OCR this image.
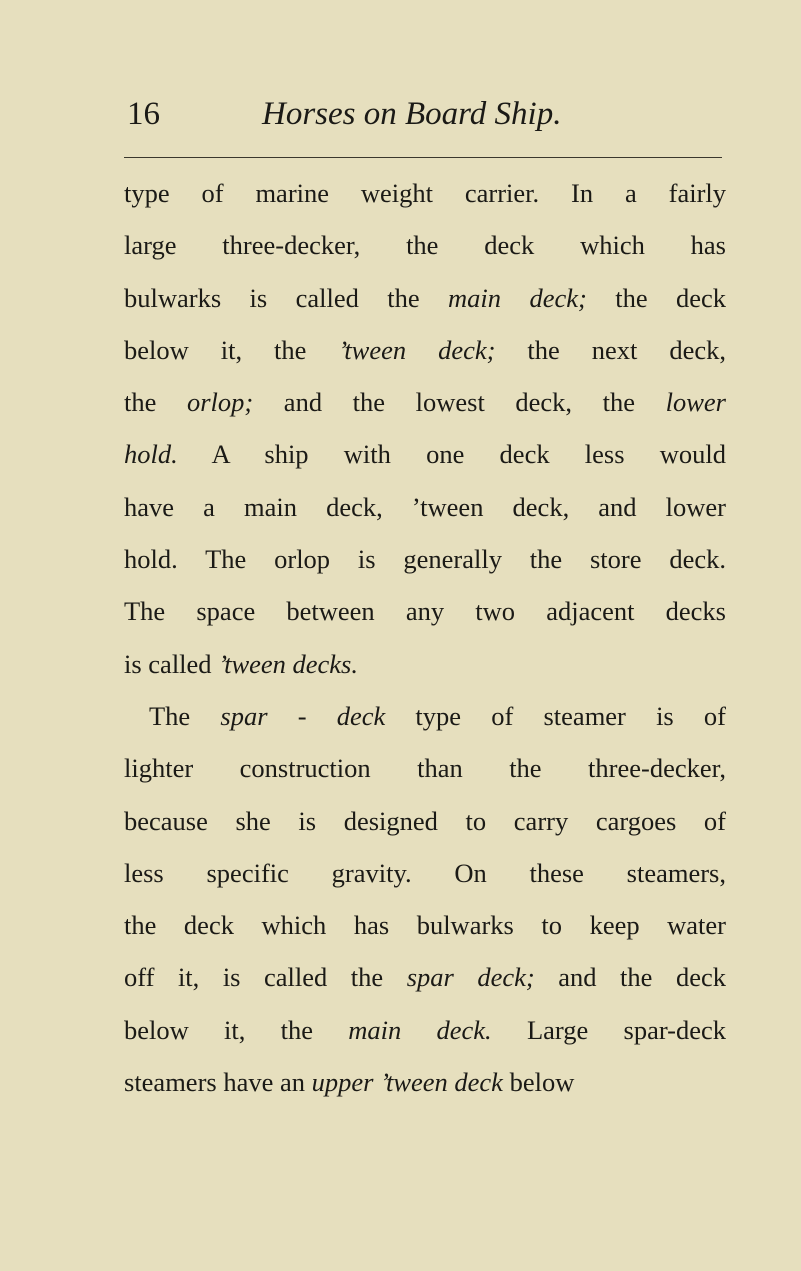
16	Horses on Board Ship.
type of marine weight carrier. In a fairly
large three-decker, the deck which has
bulwarks is called the main deck; the deck
below it, the ’tween deck; the next deck,
the orlop; and the lowest deck, the lower
hold. A ship with one deck less would
have a main deck, ’tween deck, and lower
hold. The orlop is generally the store deck.
The space between any two adjacent decks
is called ’tween decks.
The spar - deck type of steamer is of
lighter construction than the three-decker,
because she is designed to carry cargoes of
less specific gravity. On these steamers,
the deck which has bulwarks to keep water
off it, is called the spar deck; and the deck
below it, the main deck. Large spar-deck
steamers have an upper ’tween deck below
